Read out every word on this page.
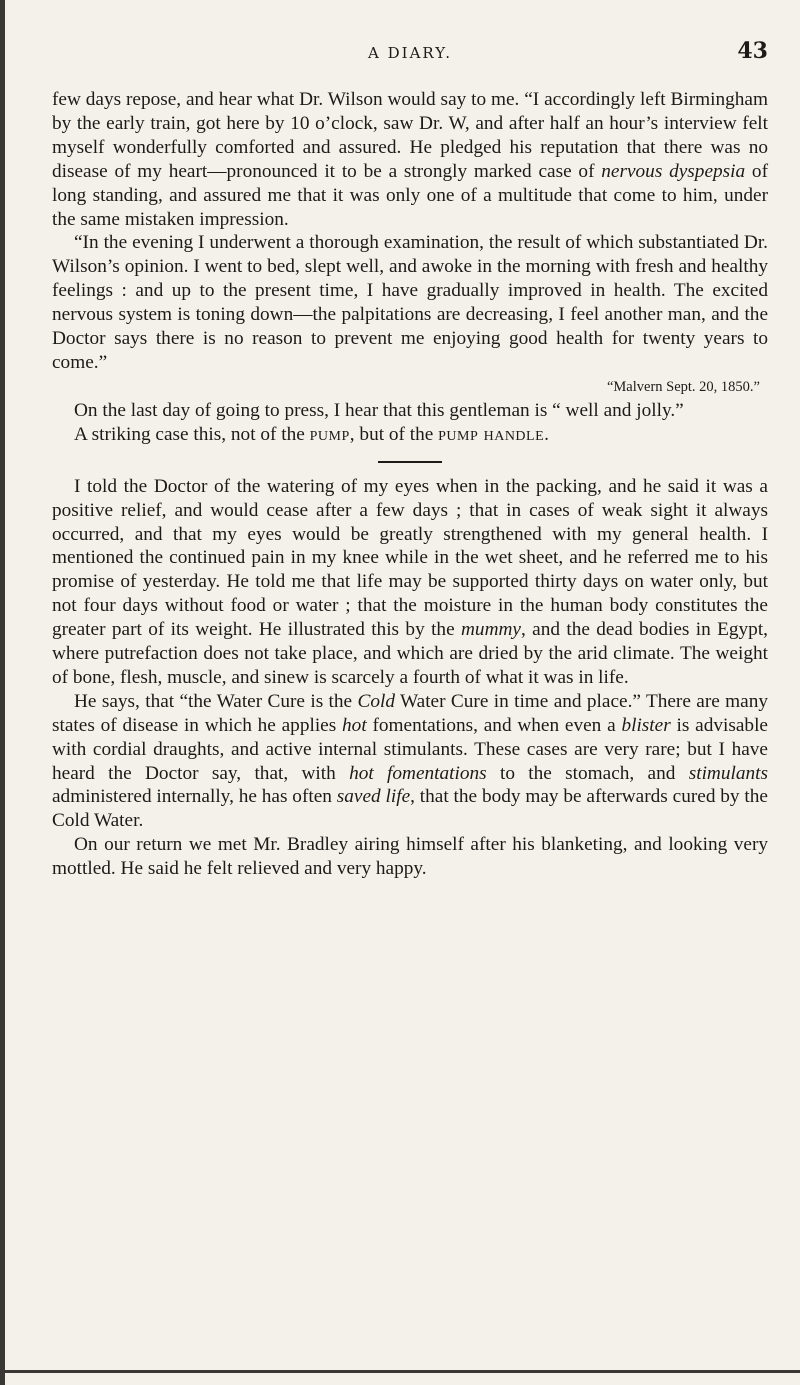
A DIARY.	43

few days repose, and hear what Dr. Wilson would say to me. “I accordingly left Birmingham by the early train, got here by 10 o’clock, saw Dr. W, and after half an hour’s interview felt myself wonderfully comforted and assured. He pledged his reputation that there was no disease of my heart—pronounced it to be a strongly marked case of nervous dyspepsia of long standing, and assured me that it was only one of a multitude that come to him, under the same mistaken impression.

“In the evening I underwent a thorough examination, the result of which substantiated Dr. Wilson’s opinion. I went to bed, slept well, and awoke in the morning with fresh and healthy feelings : and up to the present time, I have gradually improved in health. The excited nervous system is toning down—the palpitations are decreasing, I feel another man, and the Doctor says there is no reason to prevent me enjoying good health for twenty years to come.”

“Malvern Sept. 20, 1850.”

On the last day of going to press, I hear that this gentleman is “ well and jolly.”

A striking case this, not of the pump, but of the pump handle.

I told the Doctor of the watering of my eyes when in the packing, and he said it was a positive relief, and would cease after a few days ; that in cases of weak sight it always occurred, and that my eyes would be greatly strengthened with my general health. I mentioned the continued pain in my knee while in the wet sheet, and he referred me to his promise of yesterday. He told me that life may be supported thirty days on water only, but not four days without food or water ; that the moisture in the human body constitutes the greater part of its weight. He illustrated this by the mummy, and the dead bodies in Egypt, where putrefaction does not take place, and which are dried by the arid climate. The weight of bone, flesh, muscle, and sinew is scarcely a fourth of what it was in life.

He says, that “the Water Cure is the Cold Water Cure in time and place.” There are many states of disease in which he applies hot fomentations, and when even a blister is advisable with cordial draughts, and active internal stimulants. These cases are very rare; but I have heard the Doctor say, that, with hot fomentations to the stomach, and stimulants administered internally, he has often saved life, that the body may be afterwards cured by the Cold Water.

On our return we met Mr. Bradley airing himself after his blanketing, and looking very mottled. He said he felt relieved and very happy.
